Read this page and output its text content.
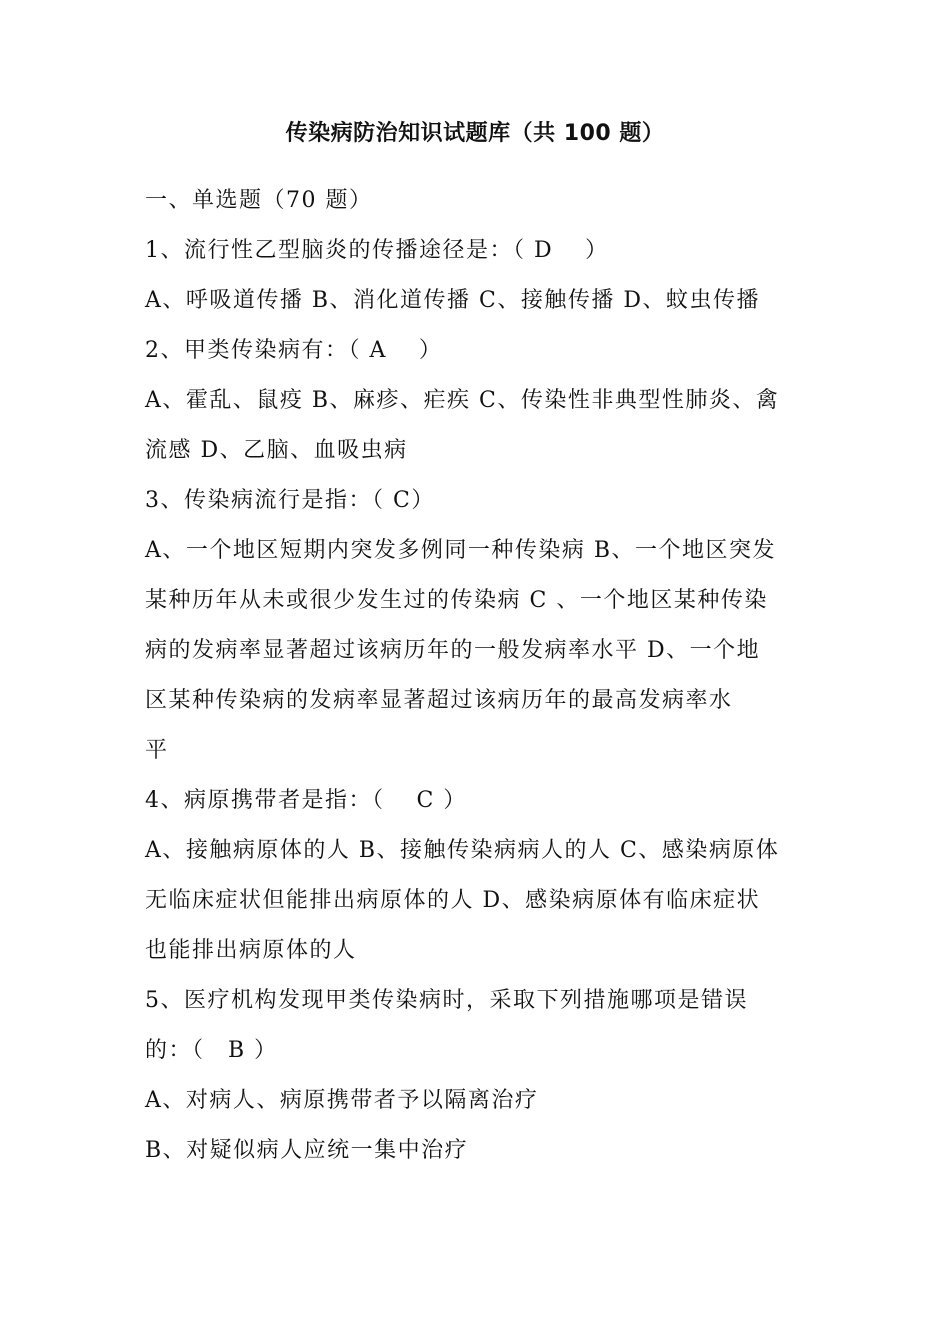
传染病防治知识试题库（共 100 题）
一、单选题（70 题）
1、流行性乙型脑炎的传播途径是：（ D　 ）
A、呼吸道传播 B、消化道传播 C、接触传播 D、蚊虫传播
2、甲类传染病有：（ A　 ）
A、霍乱、鼠疫 B、麻疹、疟疾 C、传染性非典型性肺炎、禽
流感 D、乙脑、血吸虫病
3、传染病流行是指：（ C）
A、一个地区短期内突发多例同一种传染病 B、一个地区突发
某种历年从未或很少发生过的传染病 C 、一个地区某种传染
病的发病率显著超过该病历年的一般发病率水平 D、一个地
区某种传染病的发病率显著超过该病历年的最高发病率水
平
4、病原携带者是指：（　 C ）
A、接触病原体的人 B、接触传染病病人的人 C、感染病原体
无临床症状但能排出病原体的人 D、感染病原体有临床症状
也能排出病原体的人
5、医疗机构发现甲类传染病时，采取下列措施哪项是错误
的：（　B ）
A、对病人、病原携带者予以隔离治疗
B、对疑似病人应统一集中治疗
